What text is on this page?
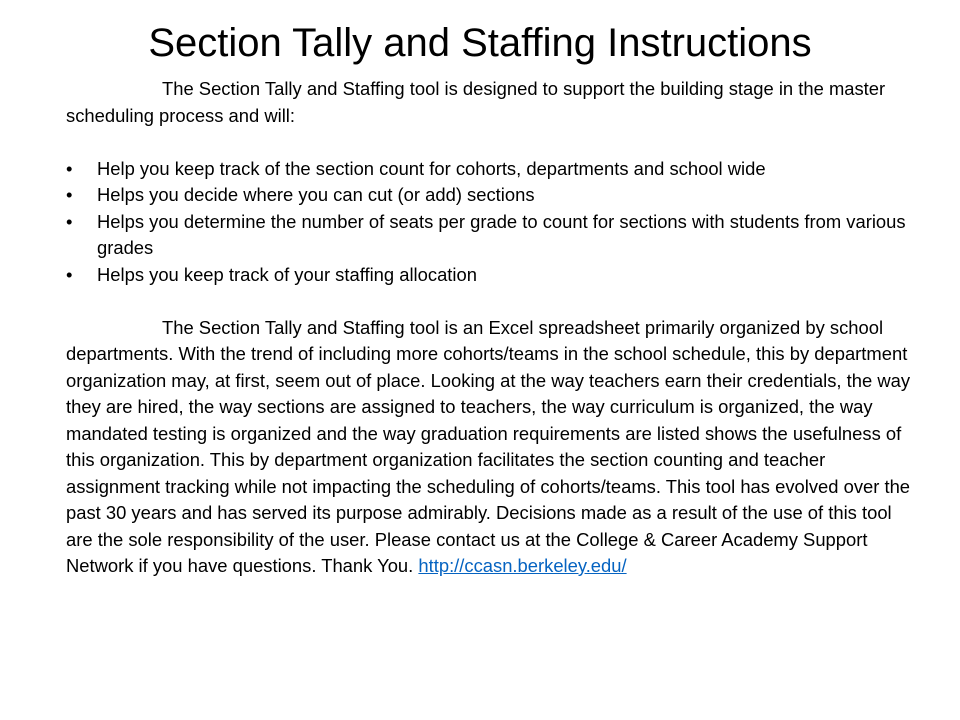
Section Tally and Staffing Instructions

The Section Tally and Staffing tool is designed to support the building stage in the master scheduling process and will:

• Help you keep track of the section count for cohorts, departments and school wide
• Helps you decide where you can cut (or add) sections
• Helps you determine the number of seats per grade to count for sections with students from various grades
• Helps you keep track of your staffing allocation

The Section Tally and Staffing tool is an Excel spreadsheet primarily organized by school departments. With the trend of including more cohorts/teams in the school schedule, this by department organization may, at first, seem out of place. Looking at the way teachers earn their credentials, the way they are hired, the way sections are assigned to teachers, the way curriculum is organized, the way mandated testing is organized and the way graduation requirements are listed shows the usefulness of this organization. This by department organization facilitates the section counting and teacher assignment tracking while not impacting the scheduling of cohorts/teams. This tool has evolved over the past 30 years and has served its purpose admirably. Decisions made as a result of the use of this tool are the sole responsibility of the user. Please contact us at the College & Career Academy Support Network if you have questions. Thank You. http://ccasn.berkeley.edu/
